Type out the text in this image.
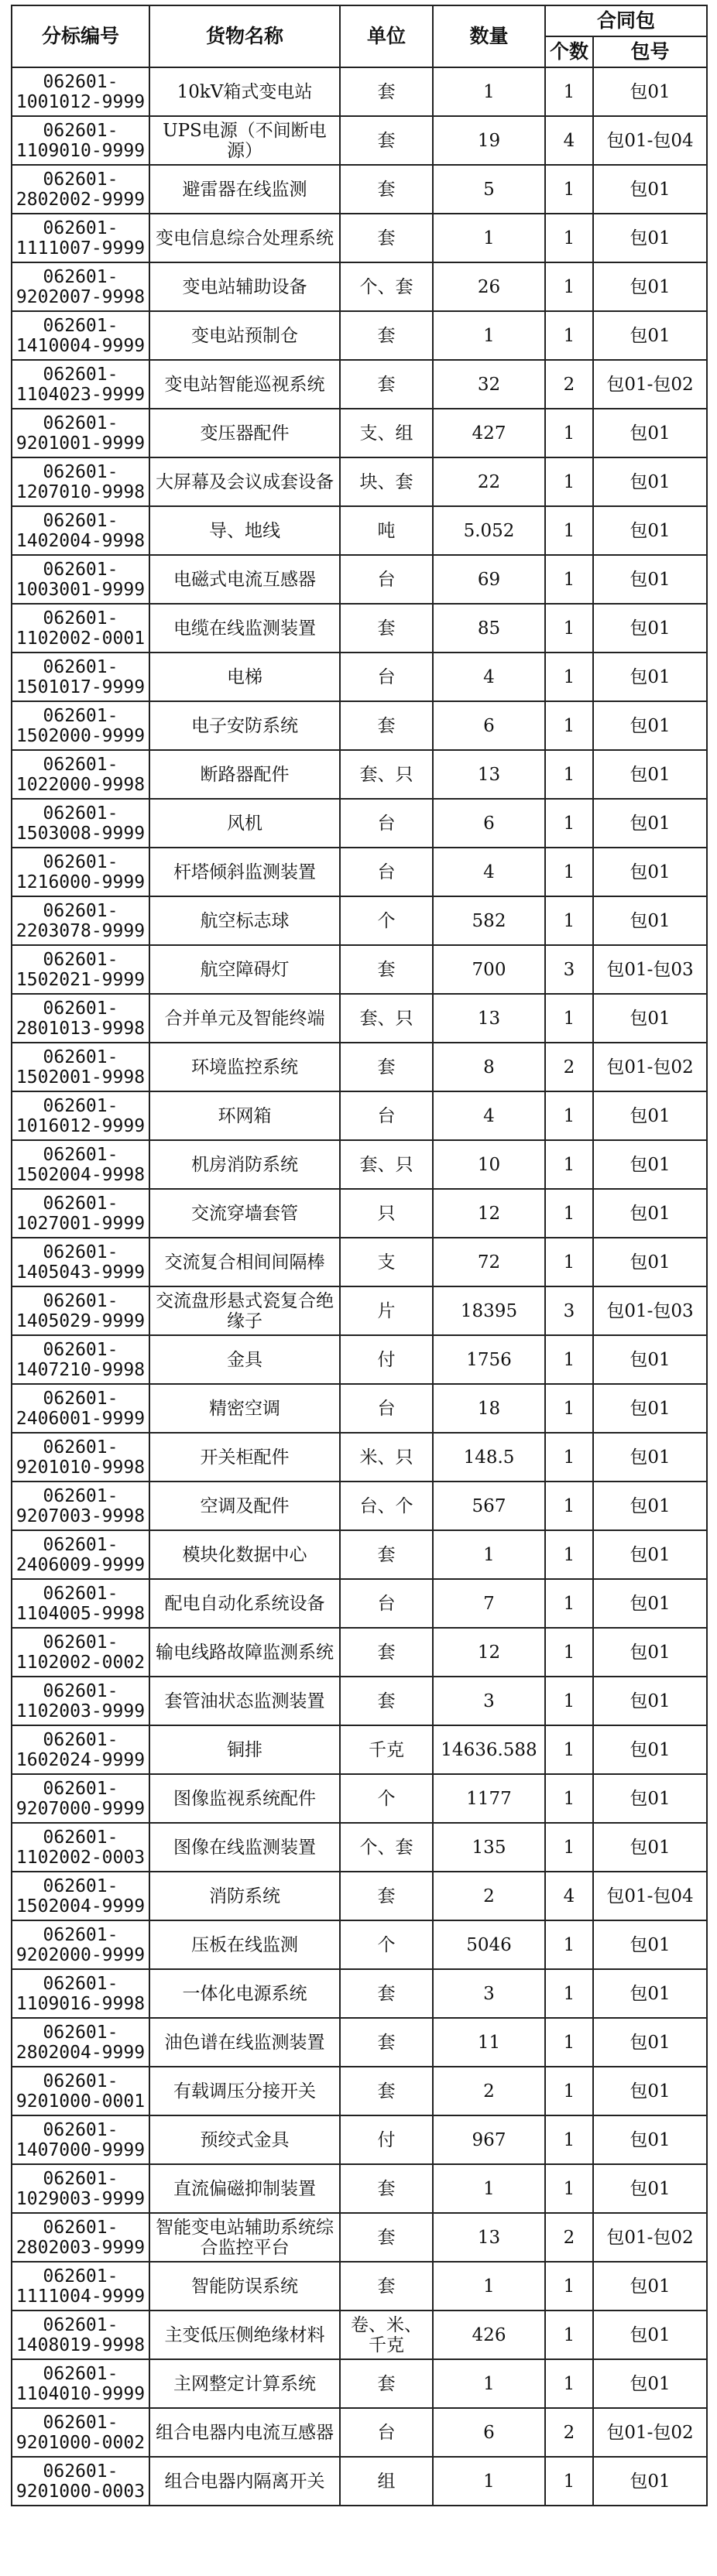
分标编号	货物名称	单位	数量	合同包	
				个数	包号
062601-1001012-9999	10kV箱式变电站	套	1	1	包01
062601-1109010-9999	UPS电源（不间断电源）	套	19	4	包01-包04
062601-2802002-9999	避雷器在线监测	套	5	1	包01
062601-1111007-9999	变电信息综合处理系统	套	1	1	包01
062601-9202007-9998	变电站辅助设备	个、套	26	1	包01
062601-1410004-9999	变电站预制仓	套	1	1	包01
062601-1104023-9999	变电站智能巡视系统	套	32	2	包01-包02
062601-9201001-9999	变压器配件	支、组	427	1	包01
062601-1207010-9998	大屏幕及会议成套设备	块、套	22	1	包01
062601-1402004-9998	导、地线	吨	5.052	1	包01
062601-1003001-9999	电磁式电流互感器	台	69	1	包01
062601-1102002-0001	电缆在线监测装置	套	85	1	包01
062601-1501017-9999	电梯	台	4	1	包01
062601-1502000-9999	电子安防系统	套	6	1	包01
062601-1022000-9998	断路器配件	套、只	13	1	包01
062601-1503008-9999	风机	台	6	1	包01
062601-1216000-9999	杆塔倾斜监测装置	台	4	1	包01
062601-2203078-9999	航空标志球	个	582	1	包01
062601-1502021-9999	航空障碍灯	套	700	3	包01-包03
062601-2801013-9998	合并单元及智能终端	套、只	13	1	包01
062601-1502001-9998	环境监控系统	套	8	2	包01-包02
062601-1016012-9999	环网箱	台	4	1	包01
062601-1502004-9998	机房消防系统	套、只	10	1	包01
062601-1027001-9999	交流穿墙套管	只	12	1	包01
062601-1405043-9999	交流复合相间间隔棒	支	72	1	包01
062601-1405029-9999	交流盘形悬式瓷复合绝缘子	片	18395	3	包01-包03
062601-1407210-9998	金具	付	1756	1	包01
062601-2406001-9999	精密空调	台	18	1	包01
062601-9201010-9998	开关柜配件	米、只	148.5	1	包01
062601-9207003-9998	空调及配件	台、个	567	1	包01
062601-2406009-9999	模块化数据中心	套	1	1	包01
062601-1104005-9998	配电自动化系统设备	台	7	1	包01
062601-1102002-0002	输电线路故障监测系统	套	12	1	包01
062601-1102003-9999	套管油状态监测装置	套	3	1	包01
062601-1602024-9999	铜排	千克	14636.588	1	包01
062601-9207000-9999	图像监视系统配件	个	1177	1	包01
062601-1102002-0003	图像在线监测装置	个、套	135	1	包01
062601-1502004-9999	消防系统	套	2	4	包01-包04
062601-9202000-9999	压板在线监测	个	5046	1	包01
062601-1109016-9998	一体化电源系统	套	3	1	包01
062601-2802004-9999	油色谱在线监测装置	套	11	1	包01
062601-9201000-0001	有载调压分接开关	套	2	1	包01
062601-1407000-9999	预绞式金具	付	967	1	包01
062601-1029003-9999	直流偏磁抑制装置	套	1	1	包01
062601-2802003-9999	智能变电站辅助系统综合监控平台	套	13	2	包01-包02
062601-1111004-9999	智能防误系统	套	1	1	包01
062601-1408019-9998	主变低压侧绝缘材料	卷、米、千克	426	1	包01
062601-1104010-9999	主网整定计算系统	套	1	1	包01
062601-9201000-0002	组合电器内电流互感器	台	6	2	包01-包02
062601-9201000-0003	组合电器内隔离开关	组	1	1	包01
